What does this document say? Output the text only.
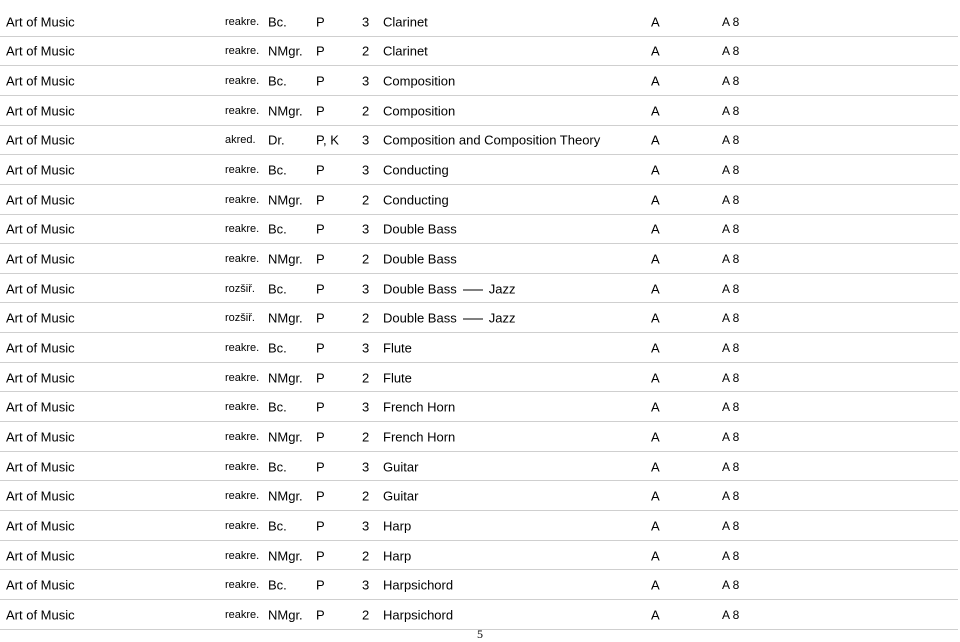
Art of Music	reakre. Bc. P	3 Clarinet	A	A 8
Art of Music	reakre. NMgr. P	2 Clarinet	A	A 8
Art of Music	reakre. Bc. P	3 Composition	A	A 8
Art of Music	reakre. NMgr. P	2 Composition	A	A 8
Art of Music	akred. Dr. P, K 3 Composition and Composition Theory	A	A 8
Art of Music	reakre. Bc. P	3 Conducting	A	A 8
Art of Music	reakre. NMgr. P	2 Conducting	A	A 8
Art of Music	reakre. Bc. P	3 Double Bass	A	A 8
Art of Music	reakre. NMgr. P	2 Double Bass	A	A 8
Art of Music	rozšiř. Bc. P	3 Double Bass Jazz	A	A 8
Art of Music	rozšiř. NMgr. P	2 Double Bass Jazz	A	A 8
Art of Music	reakre. Bc. P	3 Flute	A	A 8
Art of Music	reakre. NMgr. P	2 Flute	A	A 8
Art of Music	reakre. Bc. P	3 French Horn	A	A 8
Art of Music	reakre. NMgr. P	2 French Horn	A	A 8
Art of Music	reakre. Bc. P	3 Guitar	A	A 8
Art of Music	reakre. NMgr. P	2 Guitar	A	A 8
Art of Music	reakre. Bc. P	3 Harp	A	A 8
Art of Music	reakre. NMgr. P	2 Harp	A	A 8
Art of Music	reakre. Bc. P	3 Harpsichord	A	A 8
Art of Music	reakre. NMgr. P	2 Harpsichord	A	A 8
5
